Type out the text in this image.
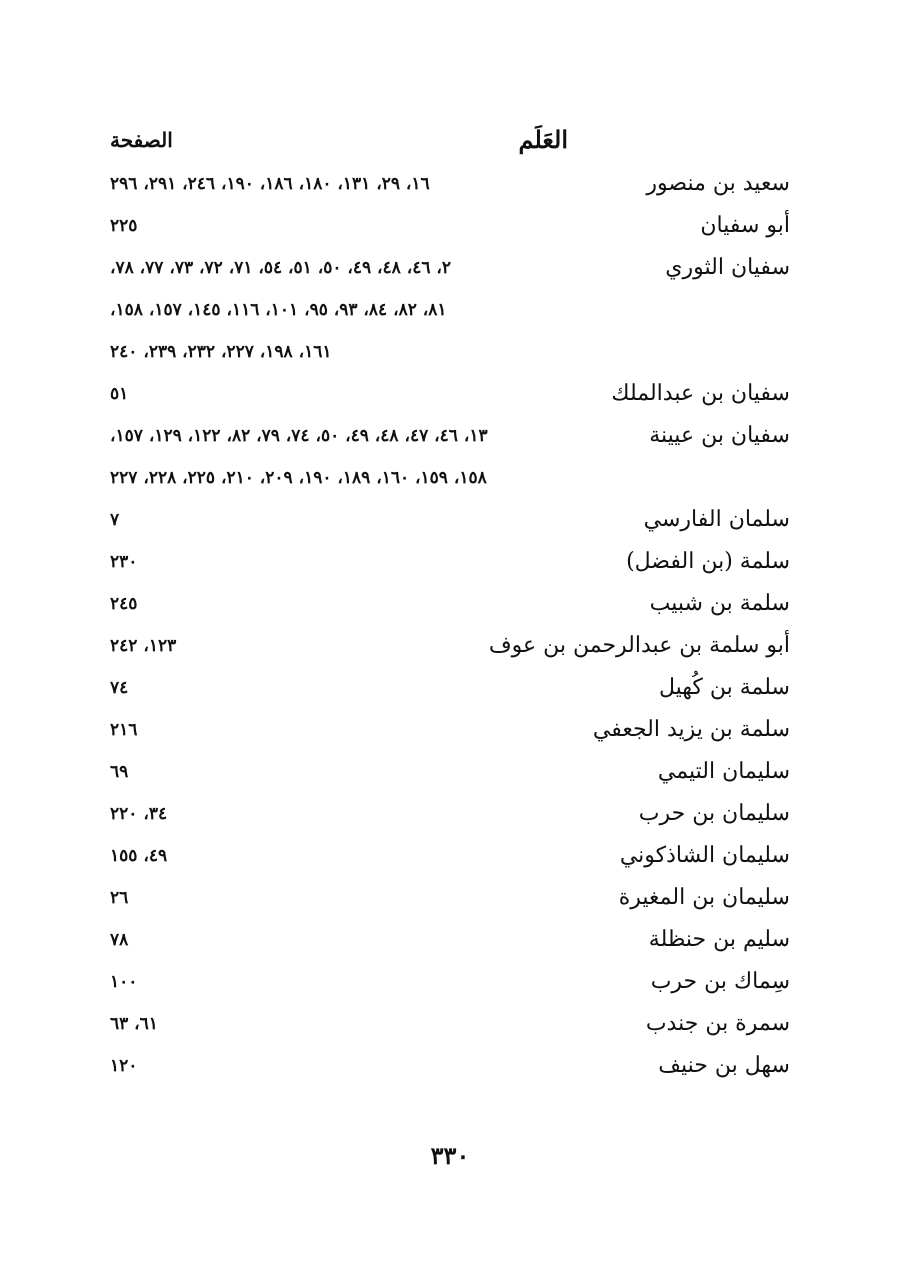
العَلَم
الصفحة
سعيد بن منصور
١٦، ٢٩، ١٣١، ١٨٠، ١٨٦، ١٩٠، ٢٤٦، ٢٩١، ٢٩٦
أبو سفيان
٢٢٥
سفيان الثوري
٢، ٤٦، ٤٨، ٤٩، ٥٠، ٥١، ٥٤، ٧١، ٧٢، ٧٣، ٧٧، ٧٨،
٨١، ٨٢، ٨٤، ٩٣، ٩٥، ١٠١، ١١٦، ١٤٥، ١٥٧، ١٥٨،
١٦١، ١٩٨، ٢٢٧، ٢٣٢، ٢٣٩، ٢٤٠
سفيان بن عبدالملك
٥١
سفيان بن عيينة
١٣، ٤٦، ٤٧، ٤٨، ٤٩، ٥٠، ٧٤، ٧٩، ٨٢، ١٢٢، ١٢٩، ١٥٧،
١٥٨، ١٥٩، ١٦٠، ١٨٩، ١٩٠، ٢٠٩، ٢١٠، ٢٢٥، ٢٢٨، ٢٢٧
سلمان الفارسي
٧
سلمة (بن الفضل)
٢٣٠
سلمة بن شبيب
٢٤٥
أبو سلمة بن عبدالرحمن بن عوف
١٢٣، ٢٤٢
سلمة بن كُهيل
٧٤
سلمة بن يزيد الجعفي
٢١٦
سليمان التيمي
٦٩
سليمان بن حرب
٣٤، ٢٢٠
سليمان الشاذكوني
٤٩، ١٥٥
سليمان بن المغيرة
٢٦
سليم بن حنظلة
٧٨
سِماك بن حرب
١٠٠
سمرة بن جندب
٦١، ٦٣
سهل بن حنيف
١٢٠
٣٣٠
